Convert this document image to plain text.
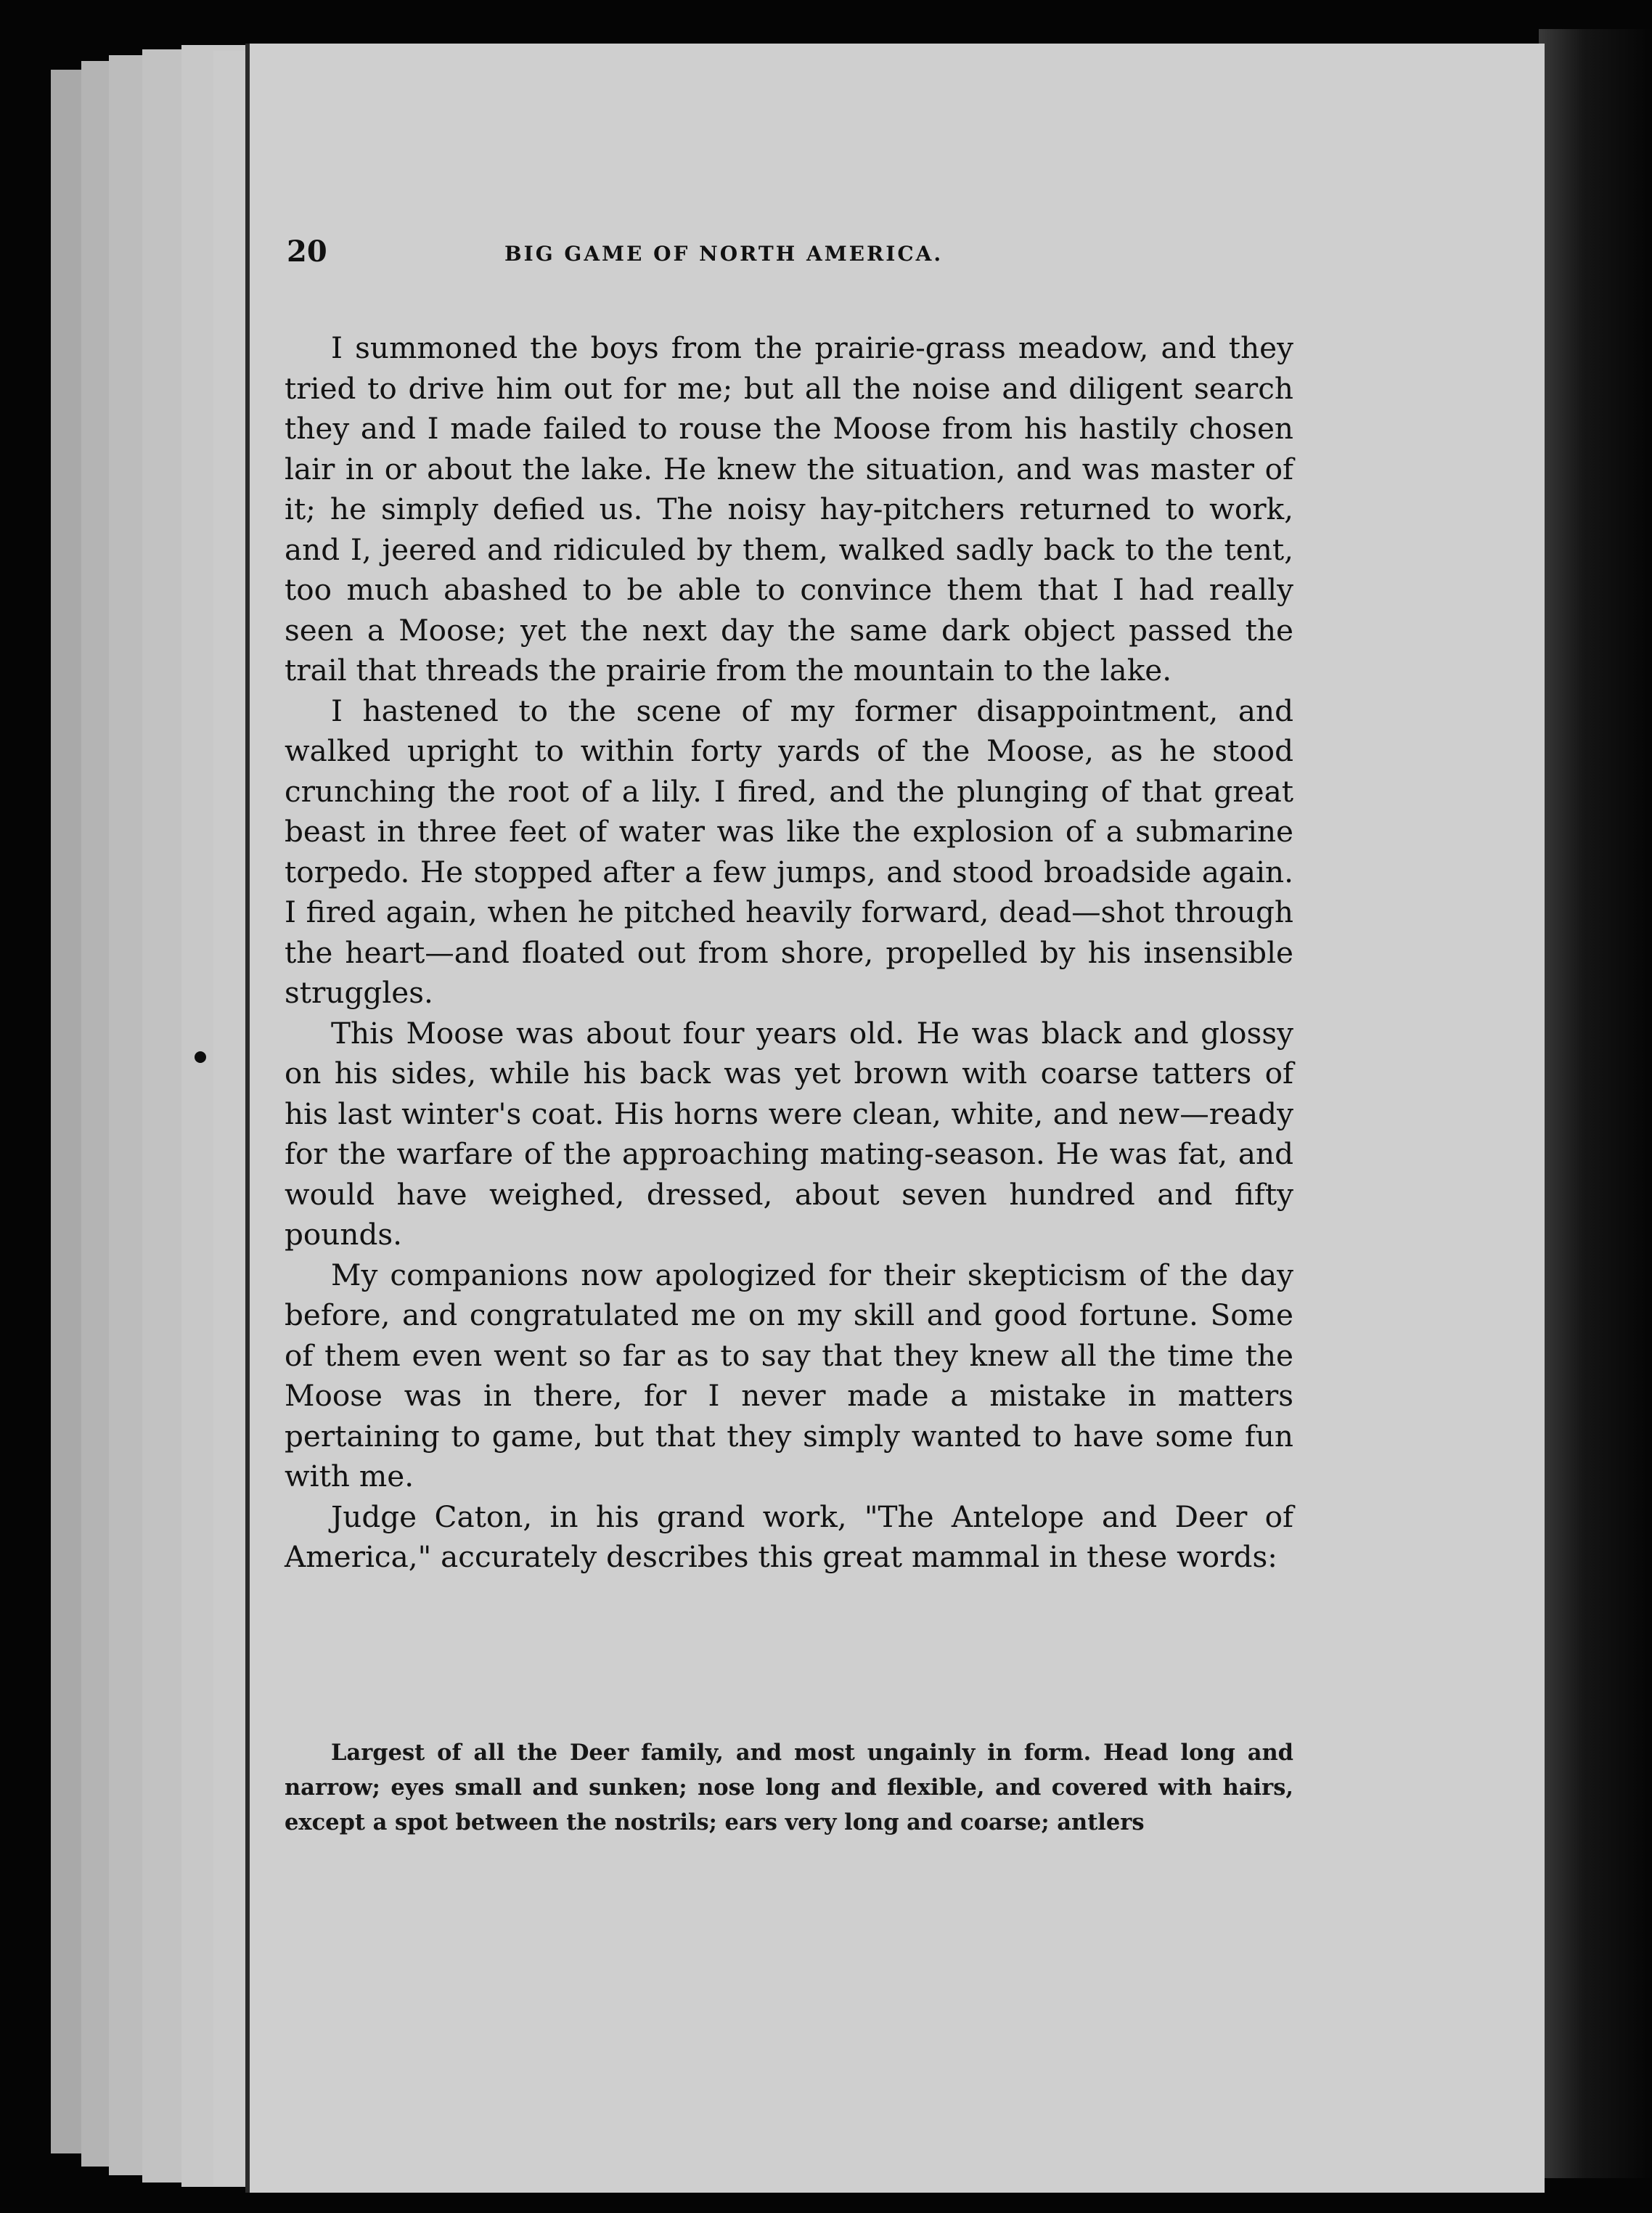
20	BIG GAME OF NORTH AMERICA.

I summoned the boys from the prairie-grass meadow, and they tried to drive him out for me; but all the noise and diligent search they and I made failed to rouse the Moose from his hastily chosen lair in or about the lake. He knew the situation, and was master of it; he simply defied us. The noisy hay-pitchers returned to work, and I, jeered and ridiculed by them, walked sadly back to the tent, too much abashed to be able to convince them that I had really seen a Moose; yet the next day the same dark object passed the trail that threads the prairie from the mountain to the lake.

I hastened to the scene of my former disappointment, and walked upright to within forty yards of the Moose, as he stood crunching the root of a lily. I fired, and the plunging of that great beast in three feet of water was like the explosion of a submarine torpedo. He stopped after a few jumps, and stood broadside again. I fired again, when he pitched heavily forward, dead—shot through the heart—and floated out from shore, propelled by his insensible struggles.

This Moose was about four years old. He was black and glossy on his sides, while his back was yet brown with coarse tatters of his last winter's coat. His horns were clean, white, and new—ready for the warfare of the approaching mating-season. He was fat, and would have weighed, dressed, about seven hundred and fifty pounds.

My companions now apologized for their skepticism of the day before, and congratulated me on my skill and good fortune. Some of them even went so far as to say that they knew all the time the Moose was in there, for I never made a mistake in matters pertaining to game, but that they simply wanted to have some fun with me.

Judge Caton, in his grand work, "The Antelope and Deer of America," accurately describes this great mammal in these words:

Largest of all the Deer family, and most ungainly in form. Head long and narrow; eyes small and sunken; nose long and flexible, and covered with hairs, except a spot between the nostrils; ears very long and coarse; antlers
